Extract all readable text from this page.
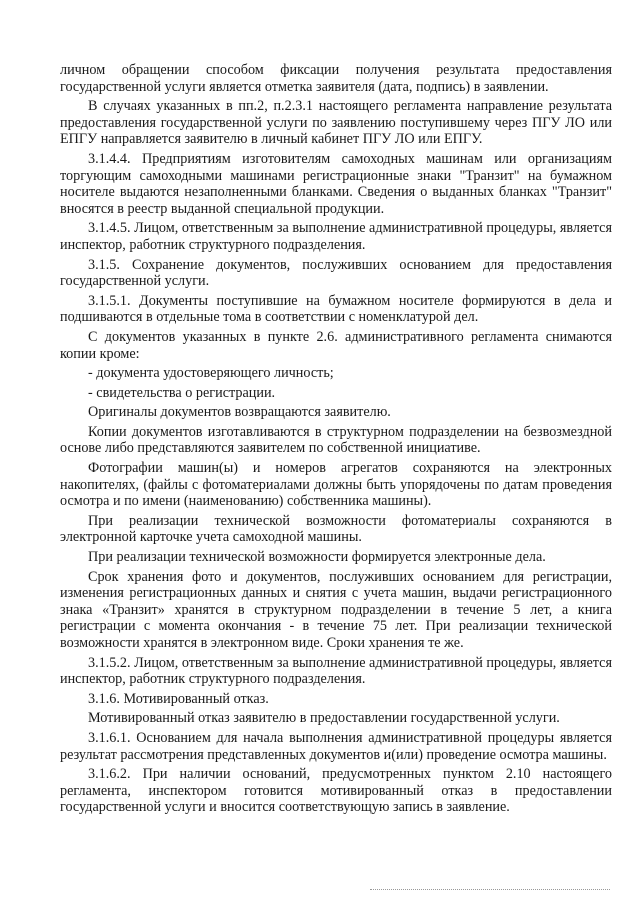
личном обращении способом фиксации получения результата предоставления государственной услуги является отметка заявителя (дата, подпись) в заявлении.

В случаях указанных в пп.2, п.2.3.1 настоящего регламента направление результата предоставления государственной услуги по заявлению поступившему через ПГУ ЛО или ЕПГУ направляется заявителю в личный кабинет ПГУ ЛО или ЕПГУ.

3.1.4.4. Предприятиям изготовителям самоходных машинам или организациям торгующим самоходными машинами регистрационные знаки "Транзит" на бумажном носителе выдаются незаполненными бланками. Сведения о выданных бланках "Транзит" вносятся в реестр выданной специальной продукции.

3.1.4.5. Лицом, ответственным за выполнение административной процедуры, является инспектор, работник структурного подразделения.

3.1.5. Сохранение документов, послуживших основанием для предоставления государственной услуги.

3.1.5.1. Документы поступившие на бумажном носителе формируются в дела и подшиваются в отдельные тома в соответствии с номенклатурой дел.

С документов указанных в пункте 2.6. административного регламента снимаются копии кроме:

- документа удостоверяющего личность;

- свидетельства о регистрации.

Оригиналы документов возвращаются заявителю.

Копии документов изготавливаются в структурном подразделении на безвозмездной основе либо представляются заявителем по собственной инициативе.

Фотографии машин(ы) и номеров агрегатов сохраняются на электронных накопителях, (файлы с фотоматериалами должны быть упорядочены по датам проведения осмотра и по имени (наименованию) собственника машины).

При реализации технической возможности фотоматериалы сохраняются в электронной карточке учета самоходной машины.

При реализации технической возможности формируется электронные дела.

Срок хранения фото и документов, послуживших основанием для регистрации, изменения регистрационных данных и снятия с учета машин, выдачи регистрационного знака «Транзит» хранятся в структурном подразделении в течение 5 лет, а книга регистрации с момента окончания - в течение 75 лет. При реализации технической возможности хранятся в электронном виде. Сроки хранения те же.

3.1.5.2. Лицом, ответственным за выполнение административной процедуры, является инспектор, работник структурного подразделения.

3.1.6. Мотивированный отказ.

Мотивированный отказ заявителю в предоставлении государственной услуги.

3.1.6.1. Основанием для начала выполнения административной процедуры является результат рассмотрения представленных документов и(или) проведение осмотра машины.

3.1.6.2. При наличии оснований, предусмотренных пунктом 2.10 настоящего регламента, инспектором готовится мотивированный отказ в предоставлении государственной услуги и вносится соответствующую запись в заявление.
